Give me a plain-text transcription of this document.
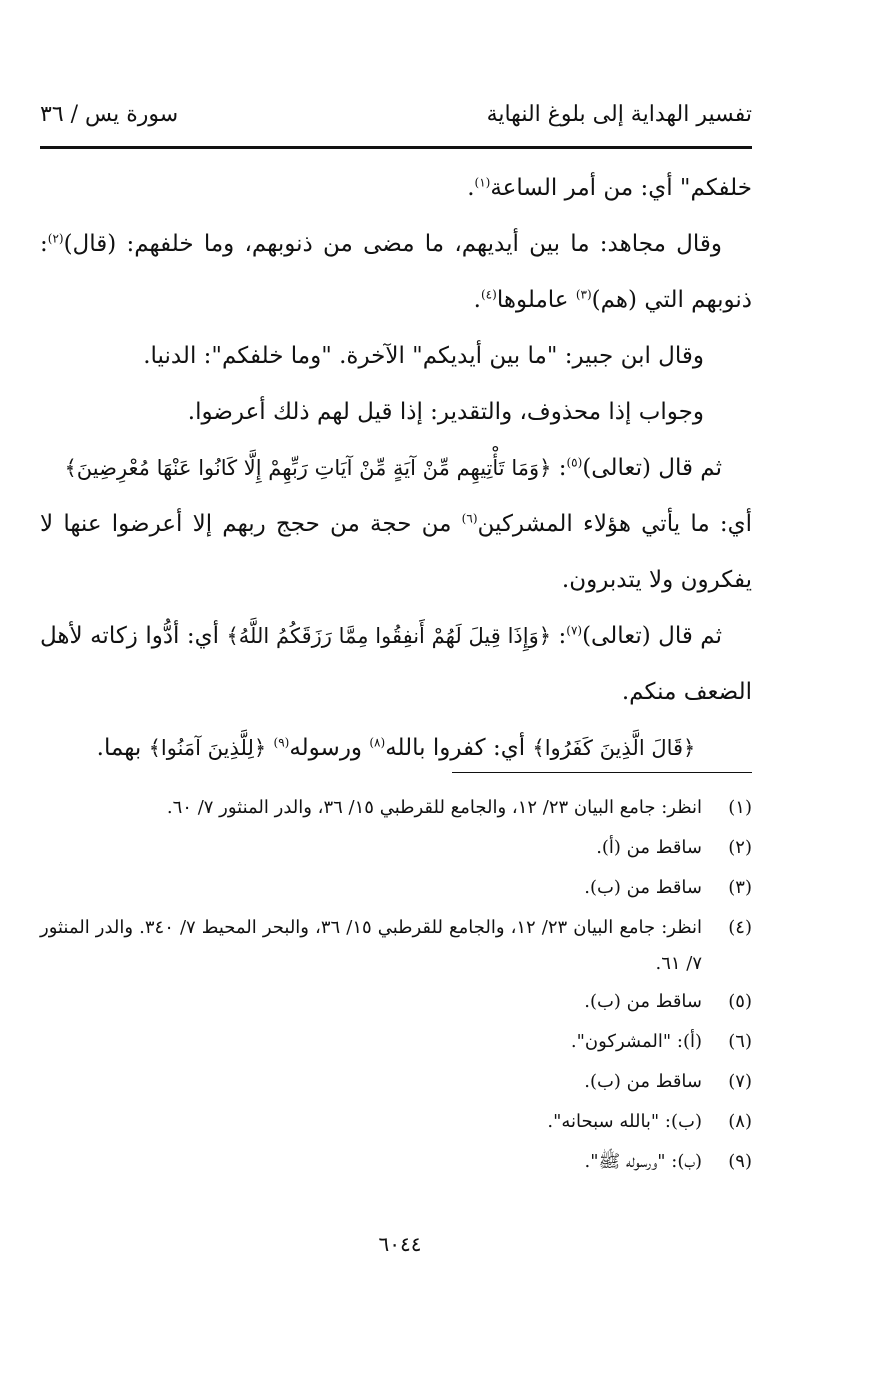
تفسير الهداية إلى بلوغ النهاية
سورة يس / ٣٦

خلفكم" أي: من أمر الساعة$^{(١)}$.

وقال مجاهد: ما بين أيديهم، ما مضى من ذنوبهم، وما خلفهم: (قال)$^{(٢)}$: ذنوبهم التي (هم)$^{(٣)}$ عاملوها$^{(٤)}$.

وقال ابن جبير: "ما بين أيديكم" الآخرة. "وما خلفكم": الدنيا.

وجواب إذا محذوف، والتقدير: إذا قيل لهم ذلك أعرضوا.

ثم قال (تعالى)$^{(٥)}$: ﴿وَمَا تَأْتِيهِم مِّنْ آيَةٍ مِّنْ آيَاتِ رَبِّهِمْ إِلَّا كَانُوا عَنْهَا مُعْرِضِينَ﴾

أي: ما يأتي هؤلاء المشركين$^{(٦)}$ من حجة من حجج ربهم إلا أعرضوا عنها لا يفكرون ولا يتدبرون.

ثم قال (تعالى)$^{(٧)}$: ﴿وَإِذَا قِيلَ لَهُمْ أَنفِقُوا مِمَّا رَزَقَكُمُ اللَّهُ﴾ أي: أدُّوا زكاته لأهل الضعف منكم.

﴿قَالَ الَّذِينَ كَفَرُوا﴾ أي: كفروا بالله$^{(٨)}$ ورسوله$^{(٩)}$ ﴿لِلَّذِينَ آمَنُوا﴾ بهما.

(١)
انظر: جامع البيان ٢٣/ ١٢، والجامع للقرطبي ١٥/ ٣٦، والدر المنثور ٧/ ٦٠.
(٢)
ساقط من (أ).
(٣)
ساقط من (ب).
(٤)
انظر: جامع البيان ٢٣/ ١٢، والجامع للقرطبي ١٥/ ٣٦، والبحر المحيط ٧/ ٣٤٠. والدر المنثور ٧/ ٦١.
(٥)
ساقط من (ب).
(٦)
(أ): "المشركون".
(٧)
ساقط من (ب).
(٨)
(ب): "بالله سبحانه".
(٩)
(ب): "ورسوله ﷺ".
٦٠٤٤
